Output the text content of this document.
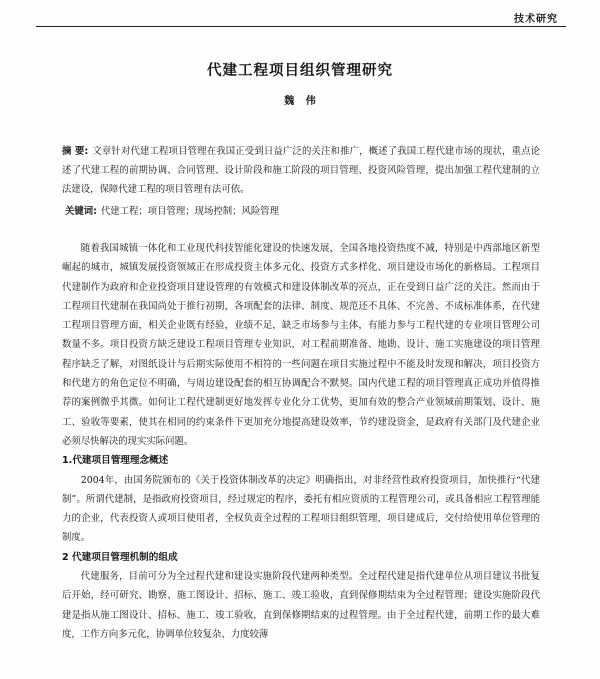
技术研究
代建工程项目组织管理研究
魏 伟
摘 要: 文章针对代建工程项目管理在我国正受到日益广泛的关注和推广，概述了我国工程代建市场的现状，重点论述了代建工程的前期协调、合同管理、设计阶段和施工阶段的项目管理、投资风险管理，提出加强工程代建制的立法建设，保障代建工程的项目管理有法可依。
关键词: 代建工程；项目管理；现场控制；风险管理

随着我国城镇一体化和工业现代科技智能化建设的快速发展，全国各地投资热度不减，特别是中西部地区新型崛起的城市，城镇发展投资领域正在形成投资主体多元化、投资方式多样化、项目建设市场化的新格局。工程项目代建制作为政府和企业投资项目建设管理的有效模式和建设体制改革的亮点，正在受到日益广泛的关注。然而由于工程项目代建制在我国尚处于推行初期，各项配套的法律、制度、规范还不具体、不完善、不成标准体系，在代建工程项目管理方面，相关企业既有经验，业绩不足，缺乏市场参与主体，有能力参与工程代建的专业项目管理公司数量不多。项目投资方缺乏建设工程项目管理专业知识，对工程前期准备、地勘、设计、施工实施建设的项目管理程序缺乏了解，对图纸设计与后期实际使用不相符的一些问题在项目实施过程中不能及时发现和解决，项目投资方和代建方的角色定位不明确，与周边建设配套的相互协调配合不默契。国内代建工程的项目管理真正成功并值得推荐的案例微乎其微。如何让工程代建制更好地发挥专业化分工优势，更加有效的整合产业领域前期策划、设计、施工、验收等要素，使其在相同的约束条件下更加充分地提高建设效率，节约建设资金，是政府有关部门及代建企业必须尽快解决的现实实际问题。

1.代建项目管理理念概述

2004年，由国务院颁布的《关于投资体制改革的决定》明确指出，对非经营性政府投资项目，加快推行“代建制”。所谓代建制，是指政府投资项目，经过规定的程序，委托有相应资质的工程管理公司，或具备相应工程管理能力的企业，代表投资人或项目使用者，全权负责全过程的工程项目组织管理，项目建成后，交付给使用单位管理的制度。

2 代建项目管理机制的组成

代建服务，目前可分为全过程代建和建设实施阶段代建两种类型。全过程代建是指代建单位从项目建议书批复后开始，经可研究、勘察、施工图设计、招标、施工、竣工验收，直到保修期结束为全过程管理；建设实施阶段代建是指从施工图设计、招标、施工、竣工验收，直到保修期结束的过程管理。由于全过程代建，前期工作的最大难度，工作方向多元化，协调单位较复杂、力度较薄
